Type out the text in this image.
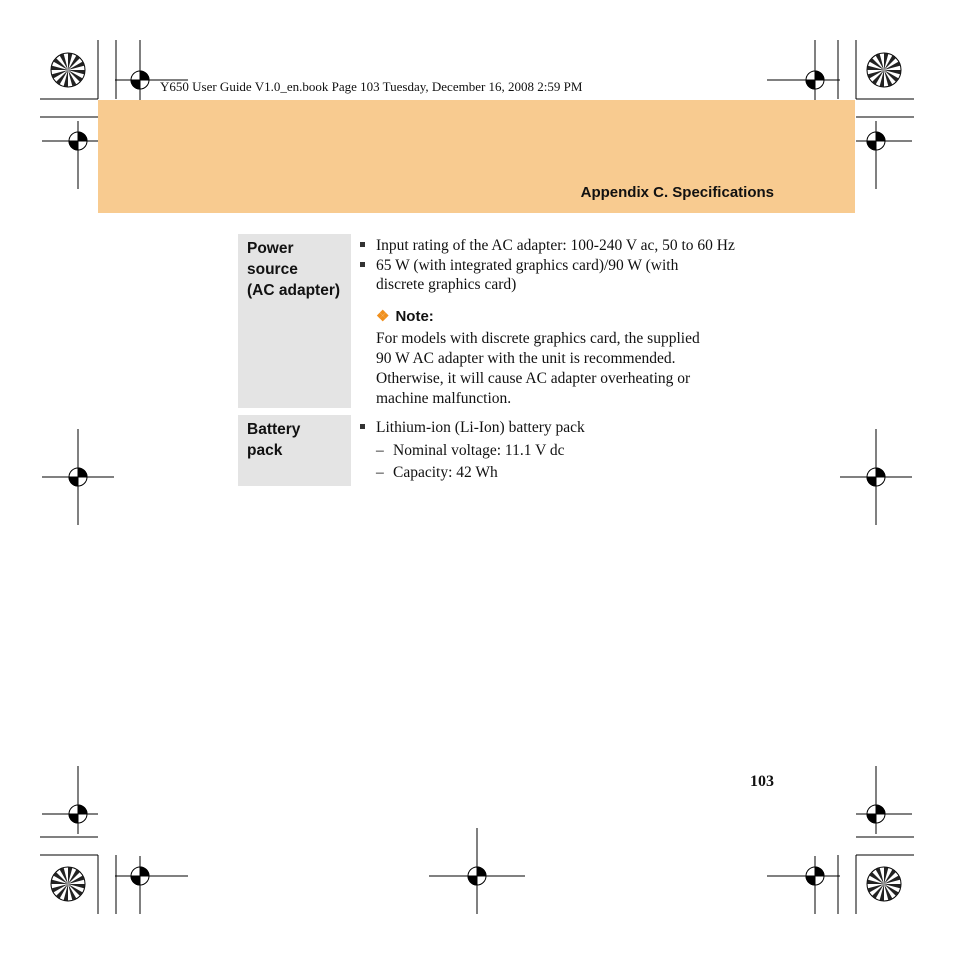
Y650 User Guide V1.0_en.book Page 103 Tuesday, December 16, 2008 2:59 PM
Appendix C. Specifications
Power source
(AC adapter)

Input rating of the AC adapter: 100-240 V ac, 50 to 60 Hz

65 W (with integrated graphics card)/90 W (with
discrete graphics card)

❖ Note:
For models with discrete graphics card, the supplied
90 W AC adapter with the unit is recommended.
Otherwise, it will cause AC adapter overheating or
machine malfunction.
Battery
pack

Lithium-ion (Li-Ion) battery pack

– Nominal voltage: 11.1 V dc

– Capacity: 42 Wh

103
